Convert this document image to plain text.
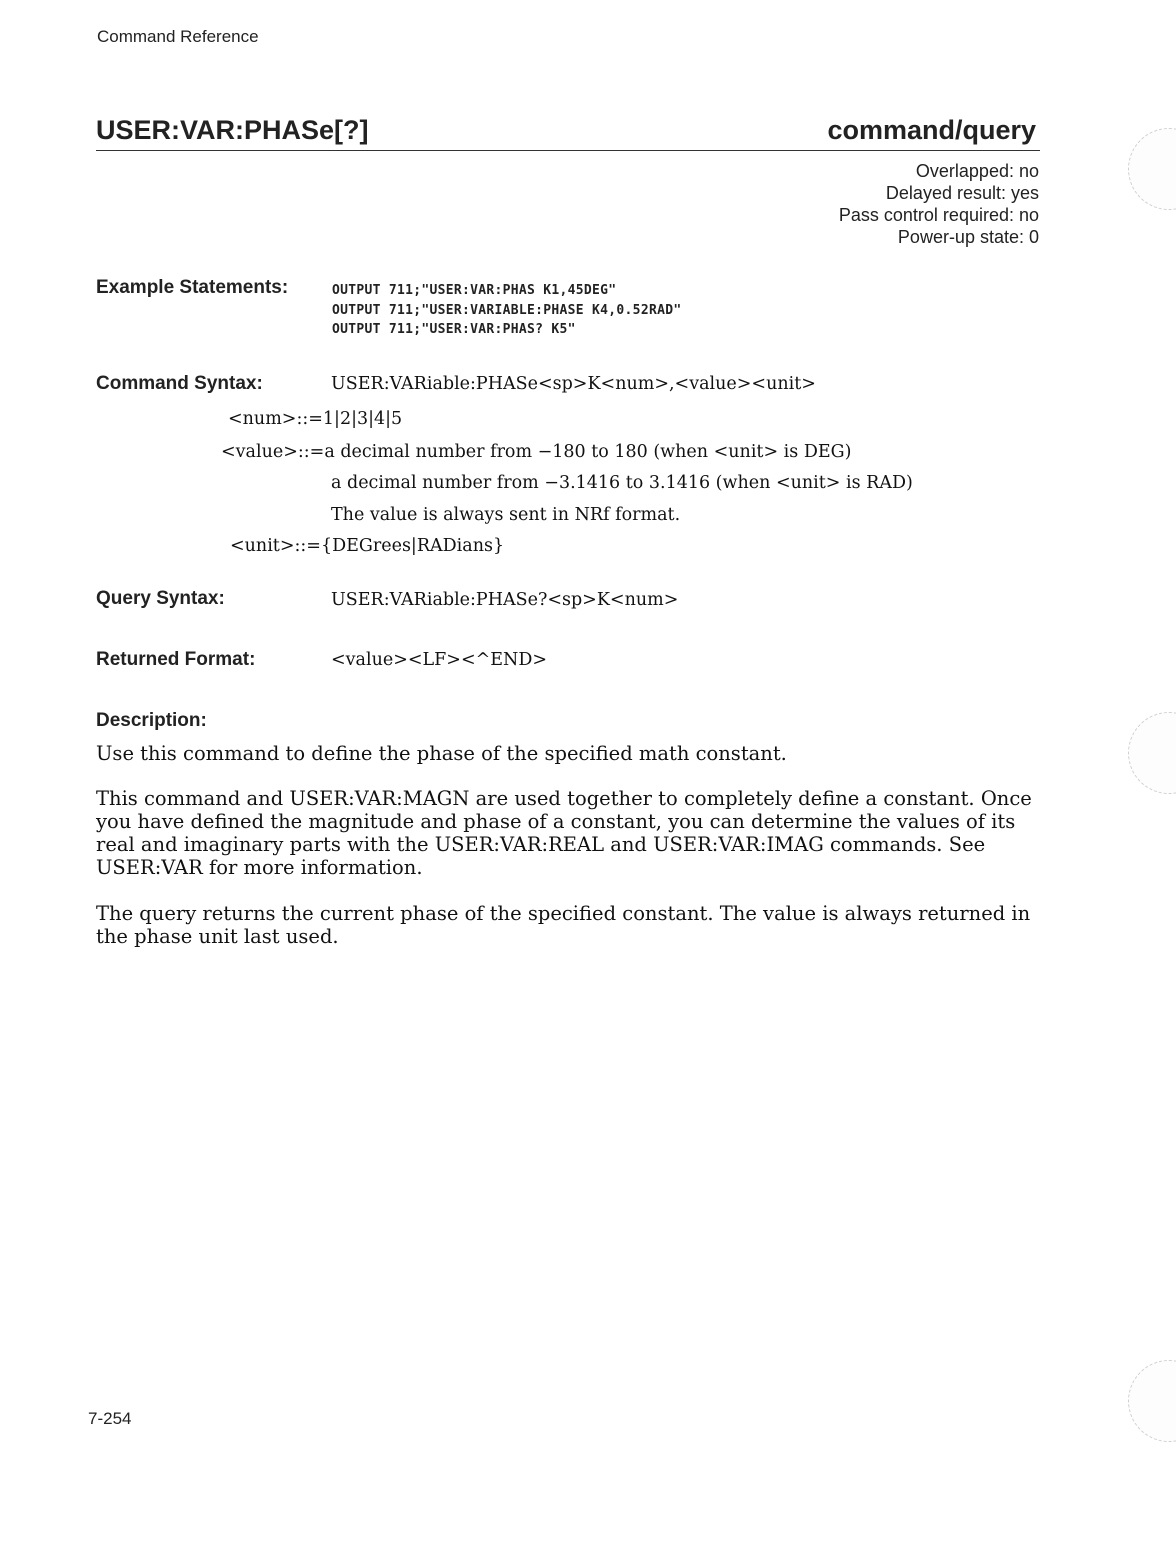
Command Reference
USER:VAR:PHASe[?]	command/query
Overlapped: no
Delayed result: yes
Pass control required: no
Power-up state: 0
Example Statements:	OUTPUT 711;"USER:VAR:PHAS K1,45DEG"
OUTPUT 711;"USER:VARIABLE:PHASE K4,0.52RAD"
OUTPUT 711;"USER:VAR:PHAS? K5"
Command Syntax:	USER:VARiable:PHASe<sp>K<num>,<value><unit>
<num>::=1|2|3|4|5
<value>::=a decimal number from −180 to 180 (when <unit> is DEG)
a decimal number from −3.1416 to 3.1416 (when <unit> is RAD)
The value is always sent in NRf format.
<unit>::={DEGrees|RADians}
Query Syntax:	USER:VARiable:PHASe?<sp>K<num>
Returned Format:	<value><LF><^END>
Description:
Use this command to define the phase of the specified math constant.
This command and USER:VAR:MAGN are used together to completely define a constant. Once you have defined the magnitude and phase of a constant, you can determine the values of its real and imaginary parts with the USER:VAR:REAL and USER:VAR:IMAG commands. See USER:VAR for more information.
The query returns the current phase of the specified constant. The value is always returned in the phase unit last used.
7-254
